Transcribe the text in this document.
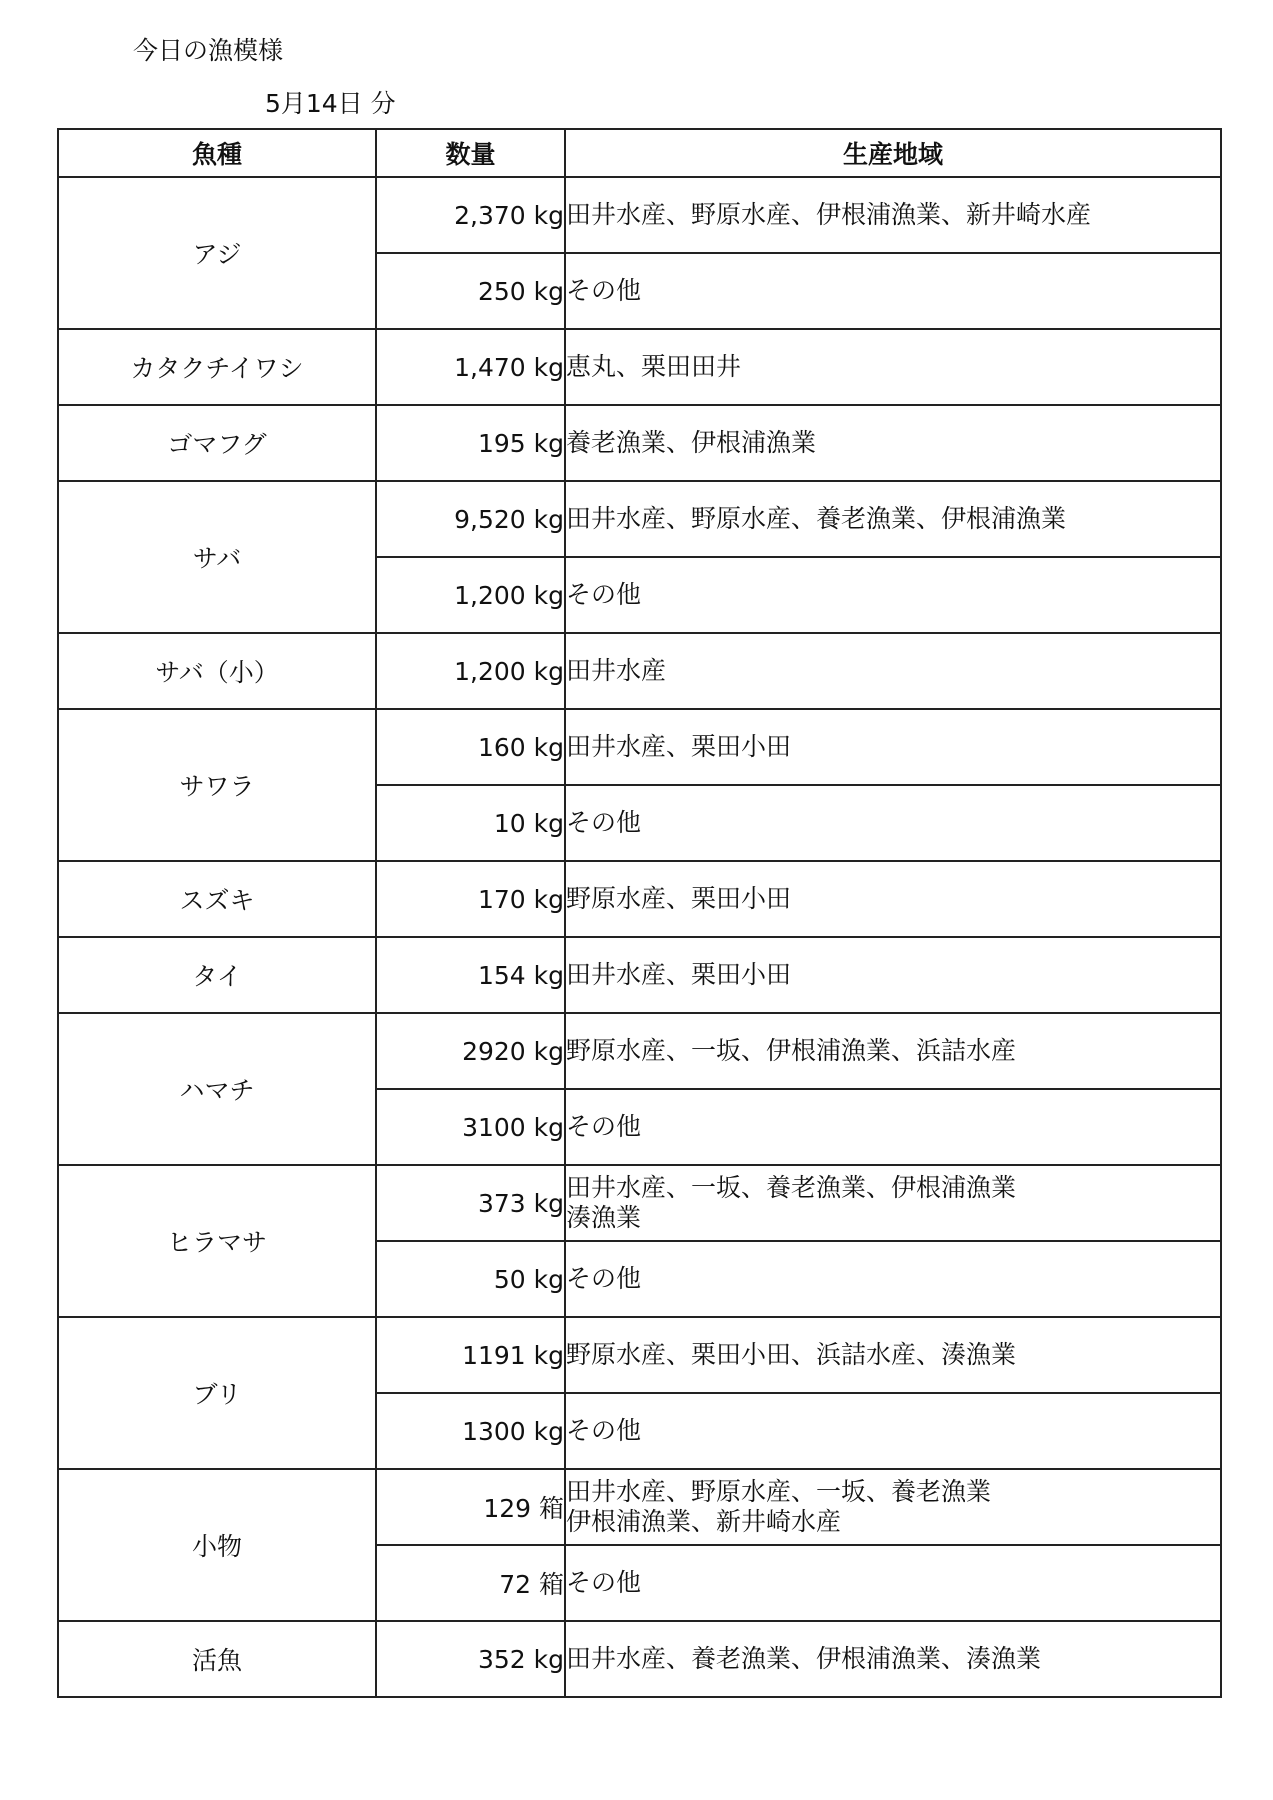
今日の漁模様
5月14日 分
魚種	数量	生産地域
アジ	2,370 kg	田井水産、野原水産、伊根浦漁業、新井崎水産

	250 kg	その他

カタクチイワシ	1,470 kg	恵丸、栗田田井

ゴマフグ	195 kg	養老漁業、伊根浦漁業

サバ	9,520 kg	田井水産、野原水産、養老漁業、伊根浦漁業

	1,200 kg	その他

サバ（小）	1,200 kg	田井水産

サワラ	160 kg	田井水産、栗田小田

	10 kg	その他

スズキ	170 kg	野原水産、栗田小田

タイ	154 kg	田井水産、栗田小田

ハマチ	2920 kg	野原水産、一坂、伊根浦漁業、浜詰水産

	3100 kg	その他

ヒラマサ	373 kg	田井水産、一坂、養老漁業、伊根浦漁業
湊漁業

	50 kg	その他

ブリ	1191 kg	野原水産、栗田小田、浜詰水産、湊漁業

	1300 kg	その他

小物	129 箱	田井水産、野原水産、一坂、養老漁業
伊根浦漁業、新井崎水産

	72 箱	その他

活魚	352 kg	田井水産、養老漁業、伊根浦漁業、湊漁業
